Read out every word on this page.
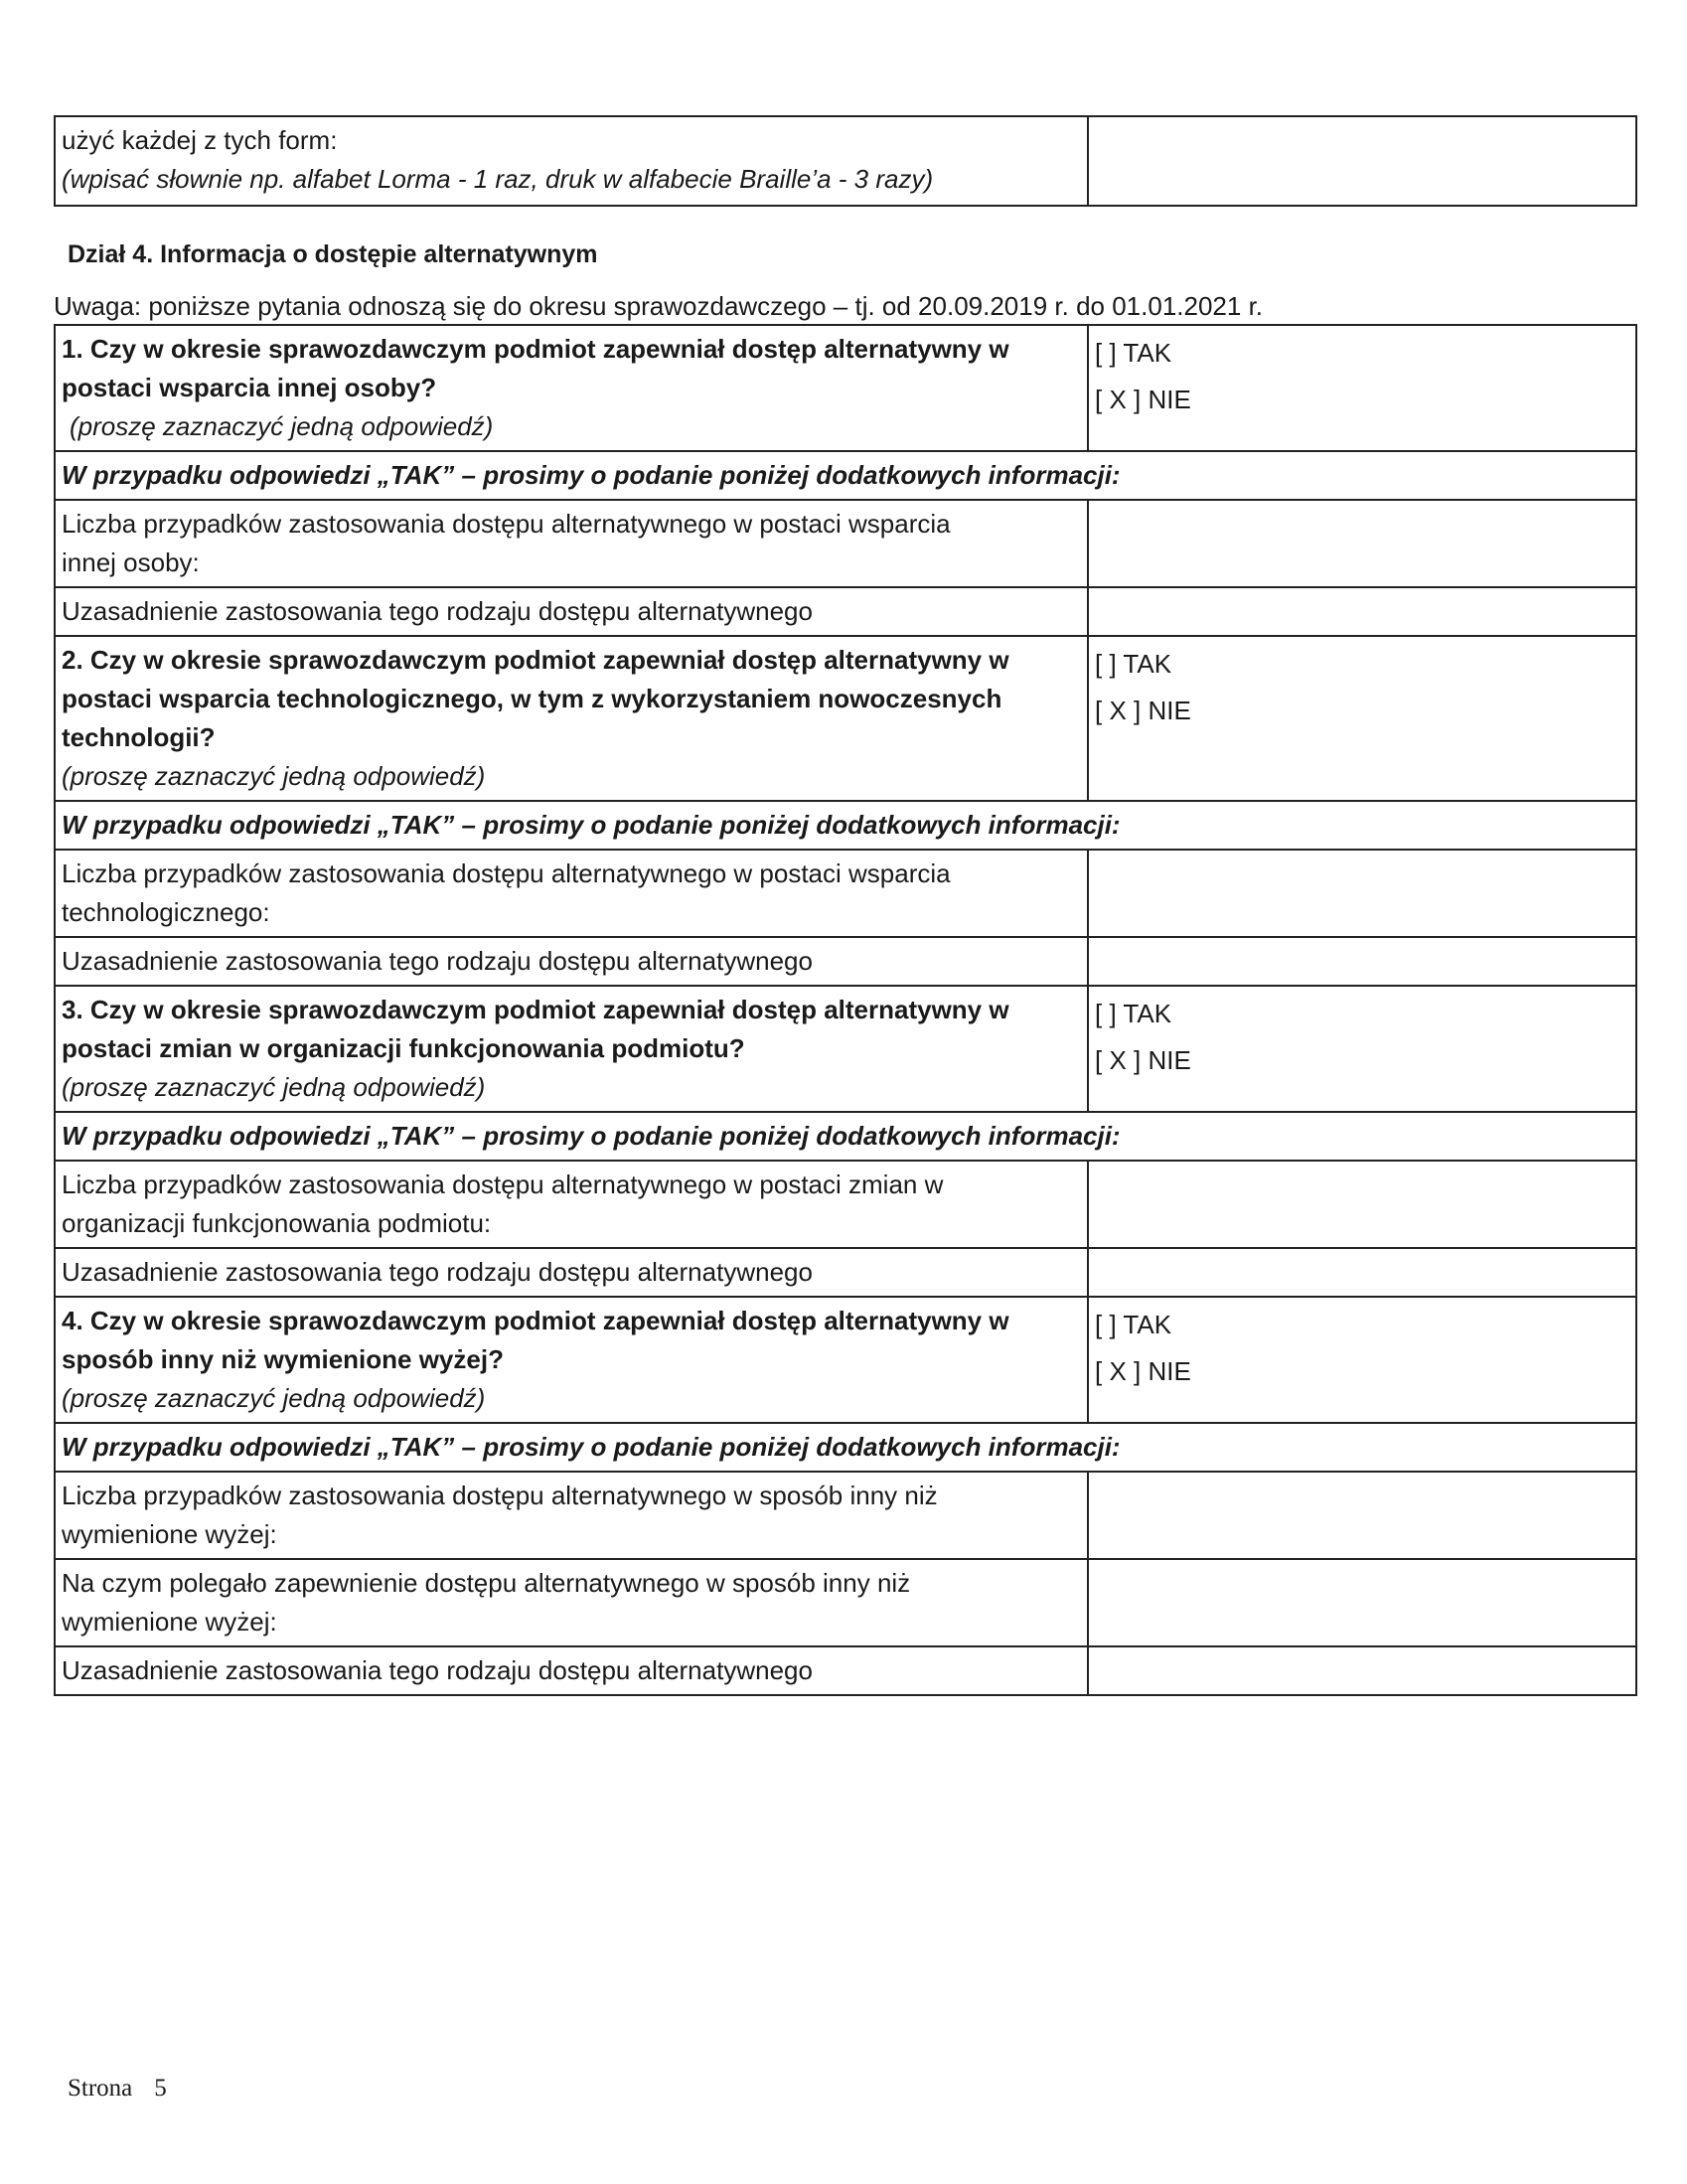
użyć każdej z tych form:
(wpisać słownie np. alfabet Lorma - 1 raz, druk w alfabecie Braille’a - 3 razy)

Dział 4. Informacja o dostępie alternatywnym
Uwaga: poniższe pytania odnoszą się do okresu sprawozdawczego – tj. od 20.09.2019 r. do 01.01.2021 r.
1. Czy w okresie sprawozdawczym podmiot zapewniał dostęp alternatywny w
postaci wsparcia innej osoby?
(proszę zaznaczyć jedną odpowiedź)	[ ] TAK
[ X ] NIE

W przypadku odpowiedzi „TAK” – prosimy o podanie poniżej dodatkowych informacji:	

Liczba przypadków zastosowania dostępu alternatywnego w postaci wsparcia
innej osoby:	

Uzasadnienie zastosowania tego rodzaju dostępu alternatywnego	

2. Czy w okresie sprawozdawczym podmiot zapewniał dostęp alternatywny w
postaci wsparcia technologicznego, w tym z wykorzystaniem nowoczesnych
technologii?
(proszę zaznaczyć jedną odpowiedź)	[ ] TAK
[ X ] NIE

W przypadku odpowiedzi „TAK” – prosimy o podanie poniżej dodatkowych informacji:	

Liczba przypadków zastosowania dostępu alternatywnego w postaci wsparcia
technologicznego:	

Uzasadnienie zastosowania tego rodzaju dostępu alternatywnego	

3. Czy w okresie sprawozdawczym podmiot zapewniał dostęp alternatywny w
postaci zmian w organizacji funkcjonowania podmiotu?
(proszę zaznaczyć jedną odpowiedź)	[ ] TAK
[ X ] NIE

W przypadku odpowiedzi „TAK” – prosimy o podanie poniżej dodatkowych informacji:	

Liczba przypadków zastosowania dostępu alternatywnego w postaci zmian w
organizacji funkcjonowania podmiotu:	

Uzasadnienie zastosowania tego rodzaju dostępu alternatywnego	

4. Czy w okresie sprawozdawczym podmiot zapewniał dostęp alternatywny w
sposób inny niż wymienione wyżej?
(proszę zaznaczyć jedną odpowiedź)	[ ] TAK
[ X ] NIE

W przypadku odpowiedzi „TAK” – prosimy o podanie poniżej dodatkowych informacji:	

Liczba przypadków zastosowania dostępu alternatywnego w sposób inny niż
wymienione wyżej:	

Na czym polegało zapewnienie dostępu alternatywnego w sposób inny niż
wymienione wyżej:	

Uzasadnienie zastosowania tego rodzaju dostępu alternatywnego	
Strona 5
